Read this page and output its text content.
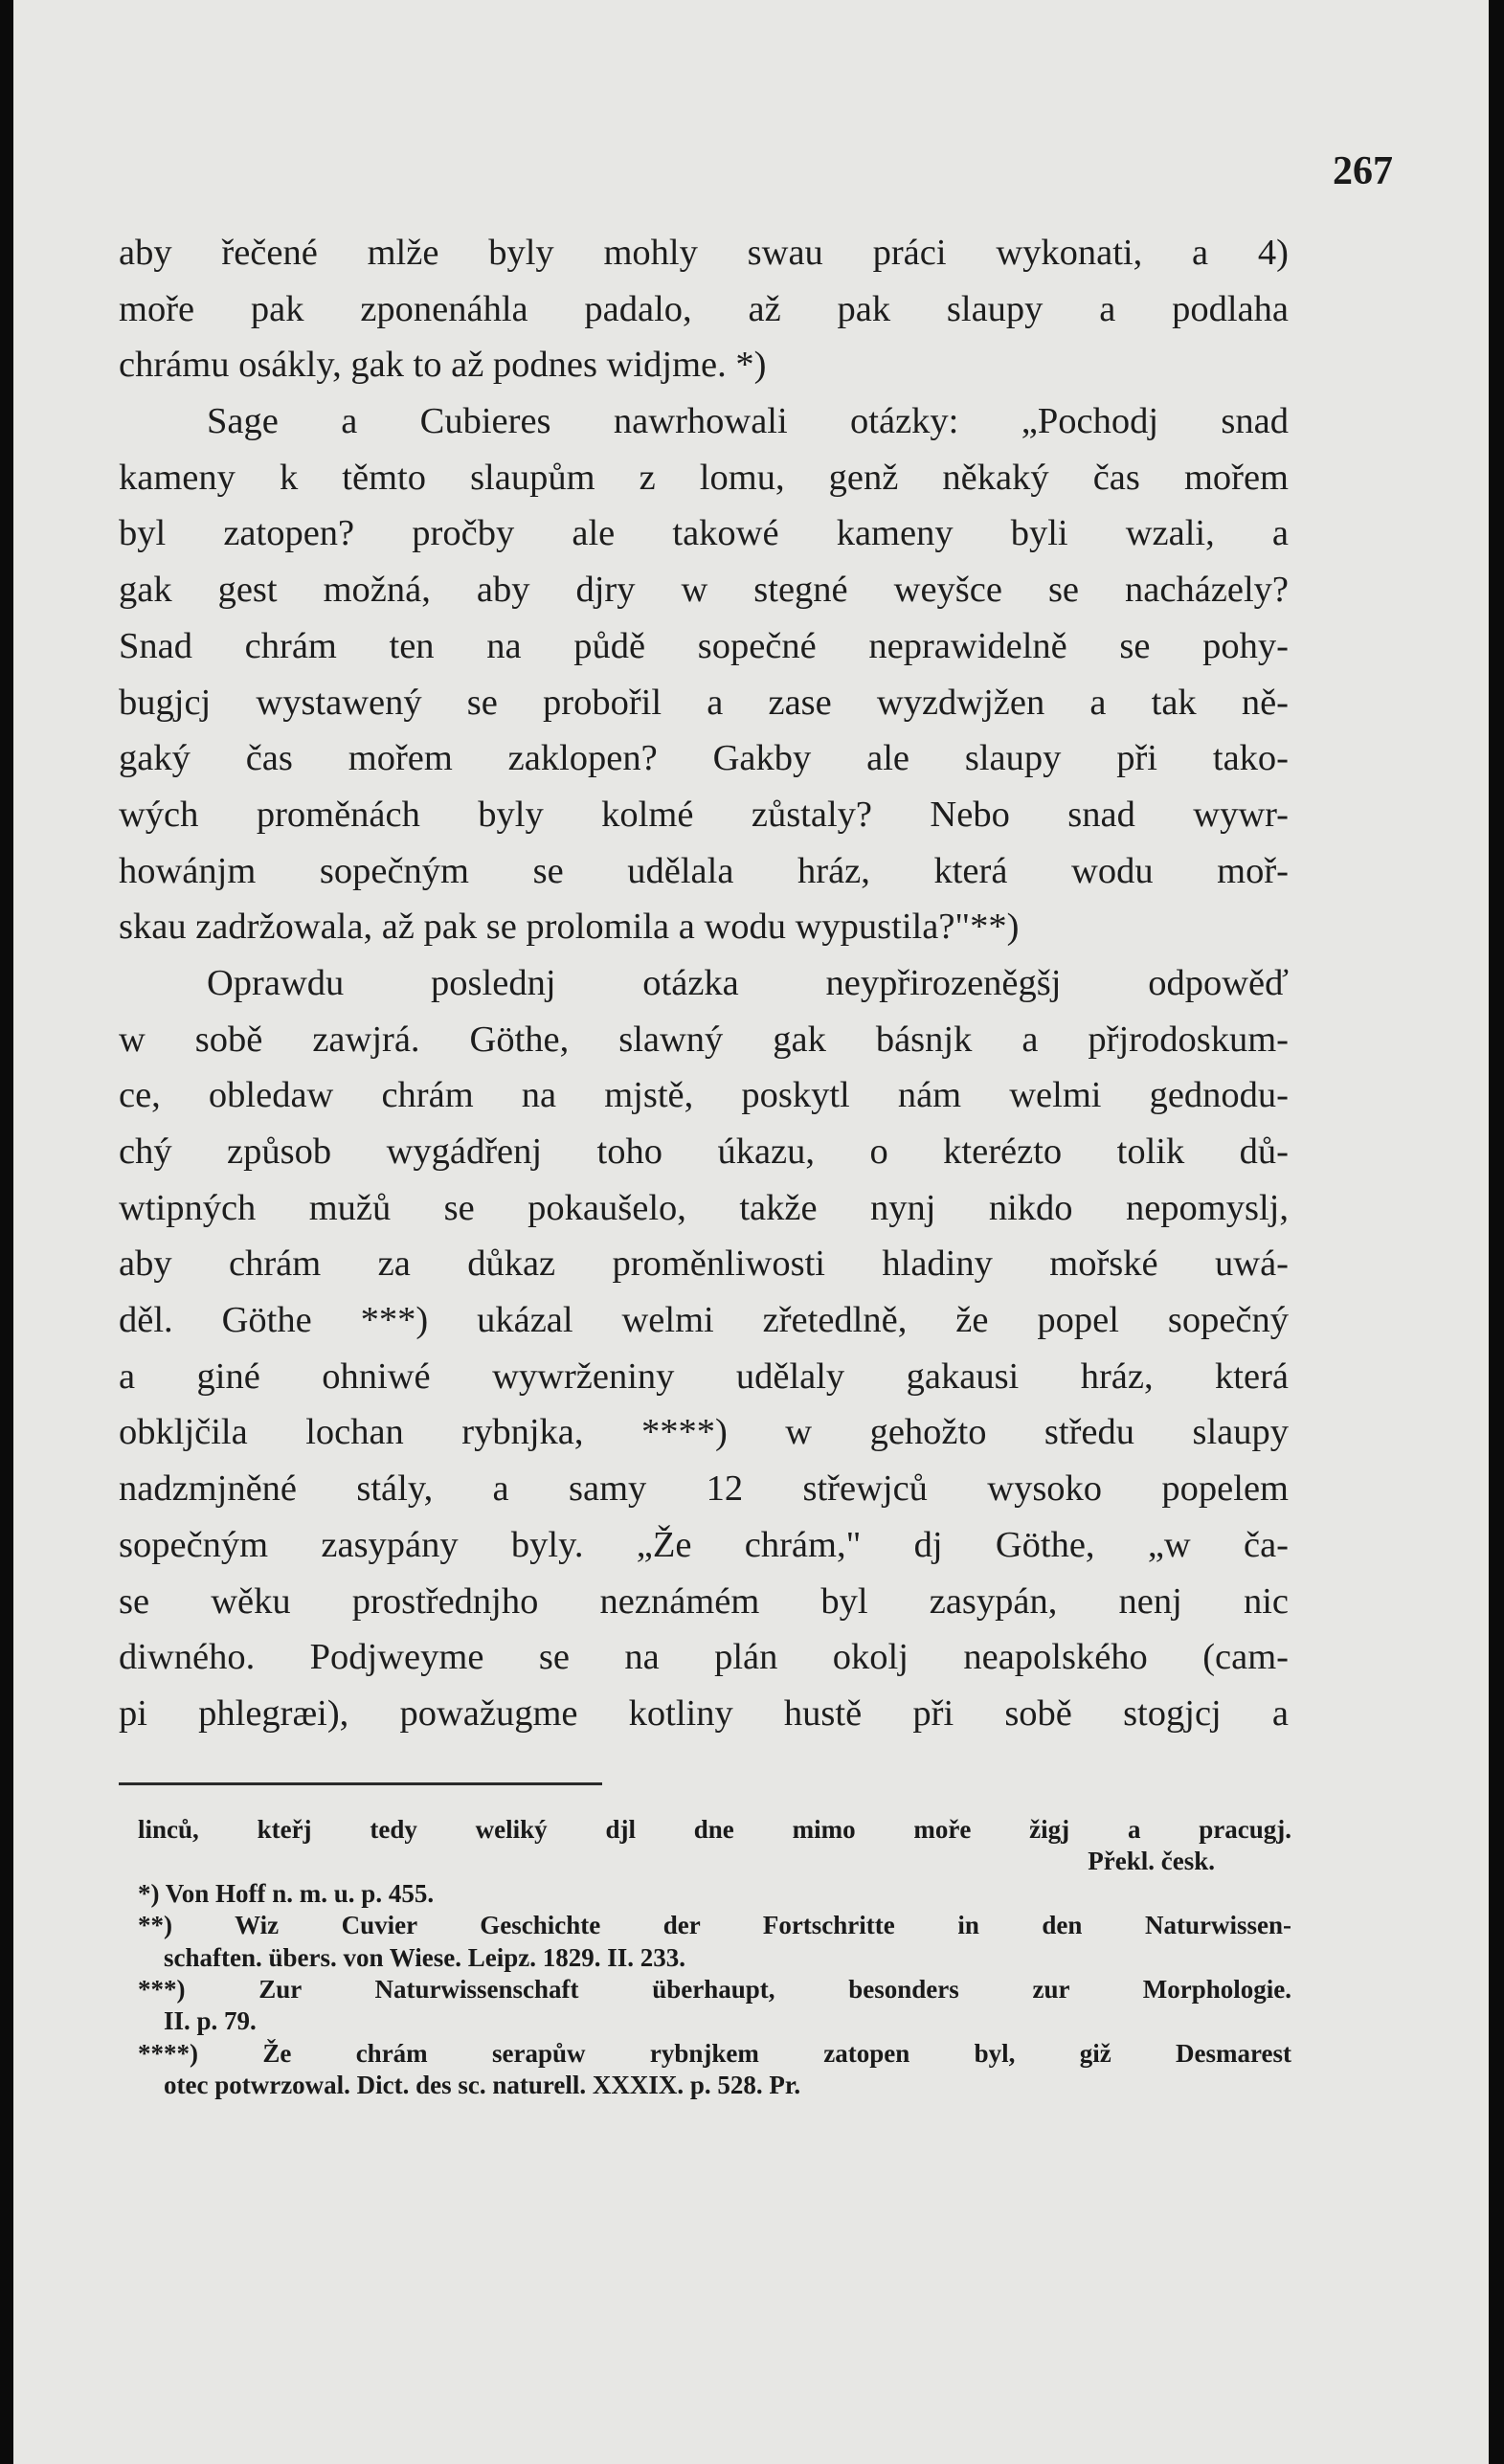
267
aby řečené mlže byly mohly swau práci wykonati, a 4)
moře pak zponenáhla padalo, až pak slaupy a podlaha
chrámu osákly, gak to až podnes widjme. *)
Sage a Cubieres nawrhowali otázky: „Pochodj snad
kameny k těmto slaupům z lomu, genž někaký čas mořem
byl zatopen? pročby ale takowé kameny byli wzali, a
gak gest možná, aby djry w stegné weyšce se nacházely?
Snad chrám ten na půdě sopečné neprawidelně se pohy-
bugjcj wystawený se probořil a zase wyzdwjžen a tak ně-
gaký čas mořem zaklopen? Gakby ale slaupy při tako-
wých proměnách byly kolmé zůstaly? Nebo snad wywr-
howánjm sopečným se udělala hráz, která wodu moř-
skau zadržowala, až pak se prolomila a wodu wypustila?"**)
Oprawdu poslednj otázka neypřirozeněgšj odpowěď
w sobě zawjrá. Göthe, slawný gak básnjk a přjrodoskum-
ce, obledaw chrám na mjstě, poskytl nám welmi gednodu-
chý způsob wygádřenj toho úkazu, o kterézto tolik dů-
wtipných mužů se pokaušelo, takže nynj nikdo nepomyslj,
aby chrám za důkaz proměnliwosti hladiny mořské uwá-
děl. Göthe ***) ukázal welmi zřetedlně, že popel sopečný
a giné ohniwé wywrženiny udělaly gakausi hráz, která
obkljčila lochan rybnjka, ****) w gehožto středu slaupy
nadzmjněné stály, a samy 12 střewjců wysoko popelem
sopečným zasypány byly. „Že chrám," dj Göthe, „w ča-
se wěku prostřednjho neznámém byl zasypán, nenj nic
diwného. Podjweyme se na plán okolj neapolského (cam-
pi phlegræi), powažugme kotliny hustě při sobě stogjcj a
linců, kteřj tedy weliký djl dne mimo moře žigj a pracugj.
Překl. česk.
*) Von Hoff n. m. u. p. 455.
**) Wiz Cuvier Geschichte der Fortschritte in den Naturwissen-
schaften. übers. von Wiese. Leipz. 1829. II. 233.
***) Zur Naturwissenschaft überhaupt, besonders zur Morphologie.
II. p. 79.
****) Že chrám serapůw rybnjkem zatopen byl, giž Desmarest
otec potwrzowal. Dict. des sc. naturell. XXXIX. p. 528. Pr.
